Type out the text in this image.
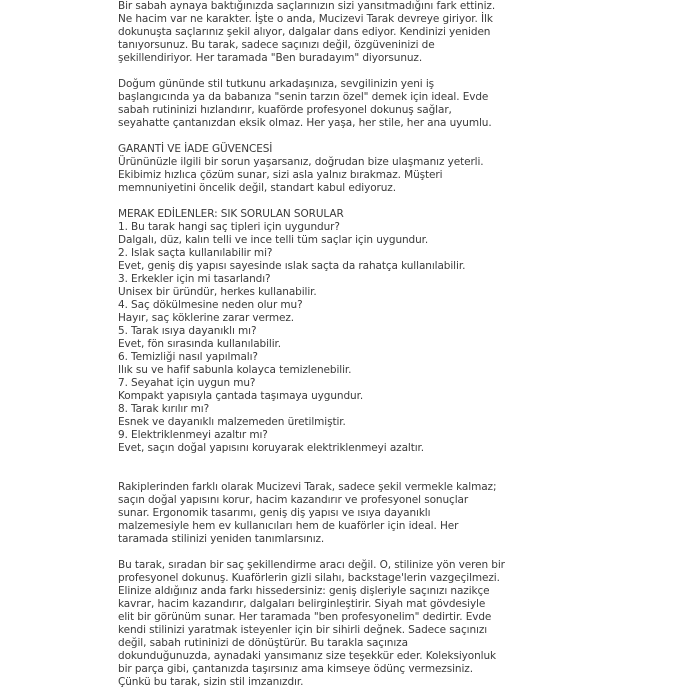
Bir sabah aynaya baktığınızda saçlarınızın sizi yansıtmadığını fark ettiniz.
Ne hacim var ne karakter. İşte o anda, Mucizevi Tarak devreye giriyor. İlk
dokunuşta saçlarınız şekil alıyor, dalgalar dans ediyor. Kendinizi yeniden
tanıyorsunuz. Bu tarak, sadece saçınızı değil, özgüveninizi de
şekillendiriyor. Her taramada "Ben buradayım" diyorsunuz.

Doğum gününde stil tutkunu arkadaşınıza, sevgilinizin yeni iş
başlangıcında ya da babanıza "senin tarzın özel" demek için ideal. Evde
sabah rutininizi hızlandırır, kuaförde profesyonel dokunuş sağlar,
seyahatte çantanızdan eksik olmaz. Her yaşa, her stile, her ana uyumlu.

GARANTİ VE İADE GÜVENCESİ

Ürününüzle ilgili bir sorun yaşarsanız, doğrudan bize ulaşmanız yeterli.
Ekibimiz hızlıca çözüm sunar, sizi asla yalnız bırakmaz. Müşteri
memnuniyetini öncelik değil, standart kabul ediyoruz.

MERAK EDİLENLER: SIK SORULAN SORULAR

1. Bu tarak hangi saç tipleri için uygundur?
Dalgalı, düz, kalın telli ve ince telli tüm saçlar için uygundur.
2. Islak saçta kullanılabilir mi?
Evet, geniş diş yapısı sayesinde ıslak saçta da rahatça kullanılabilir.
3. Erkekler için mi tasarlandı?
Unisex bir üründür, herkes kullanabilir.
4. Saç dökülmesine neden olur mu?
Hayır, saç köklerine zarar vermez.
5. Tarak ısıya dayanıklı mı?
Evet, fön sırasında kullanılabilir.
6. Temizliği nasıl yapılmalı?
Ilık su ve hafif sabunla kolayca temizlenebilir.
7. Seyahat için uygun mu?
Kompakt yapısıyla çantada taşımaya uygundur.
8. Tarak kırılır mı?
Esnek ve dayanıklı malzemeden üretilmiştir.
9. Elektriklenmeyi azaltır mı?
Evet, saçın doğal yapısını koruyarak elektriklenmeyi azaltır.

Rakiplerinden farklı olarak Mucizevi Tarak, sadece şekil vermekle kalmaz;
saçın doğal yapısını korur, hacim kazandırır ve profesyonel sonuçlar
sunar. Ergonomik tasarımı, geniş diş yapısı ve ısıya dayanıklı
malzemesiyle hem ev kullanıcıları hem de kuaförler için ideal. Her
taramada stilinizi yeniden tanımlarsınız.

Bu tarak, sıradan bir saç şekillendirme aracı değil. O, stilinize yön veren bir
profesyonel dokunuş. Kuaförlerin gizli silahı, backstage'lerin vazgeçilmezi.
Elinize aldığınız anda farkı hissedersiniz: geniş dişleriyle saçınızı nazikçe
kavrar, hacim kazandırır, dalgaları belirginleştirir. Siyah mat gövdesiyle
elit bir görünüm sunar. Her taramada "ben profesyonelim" dedirtir. Evde
kendi stilinizi yaratmak isteyenler için bir sihirli değnek. Sadece saçınızı
değil, sabah rutininizi de dönüştürür. Bu tarakla saçınıza
dokunduğunuzda, aynadaki yansımanız size teşekkür eder. Koleksiyonluk
bir parça gibi, çantanızda taşırsınız ama kimseye ödünç vermezsiniz.
Çünkü bu tarak, sizin stil imzanızdır.
